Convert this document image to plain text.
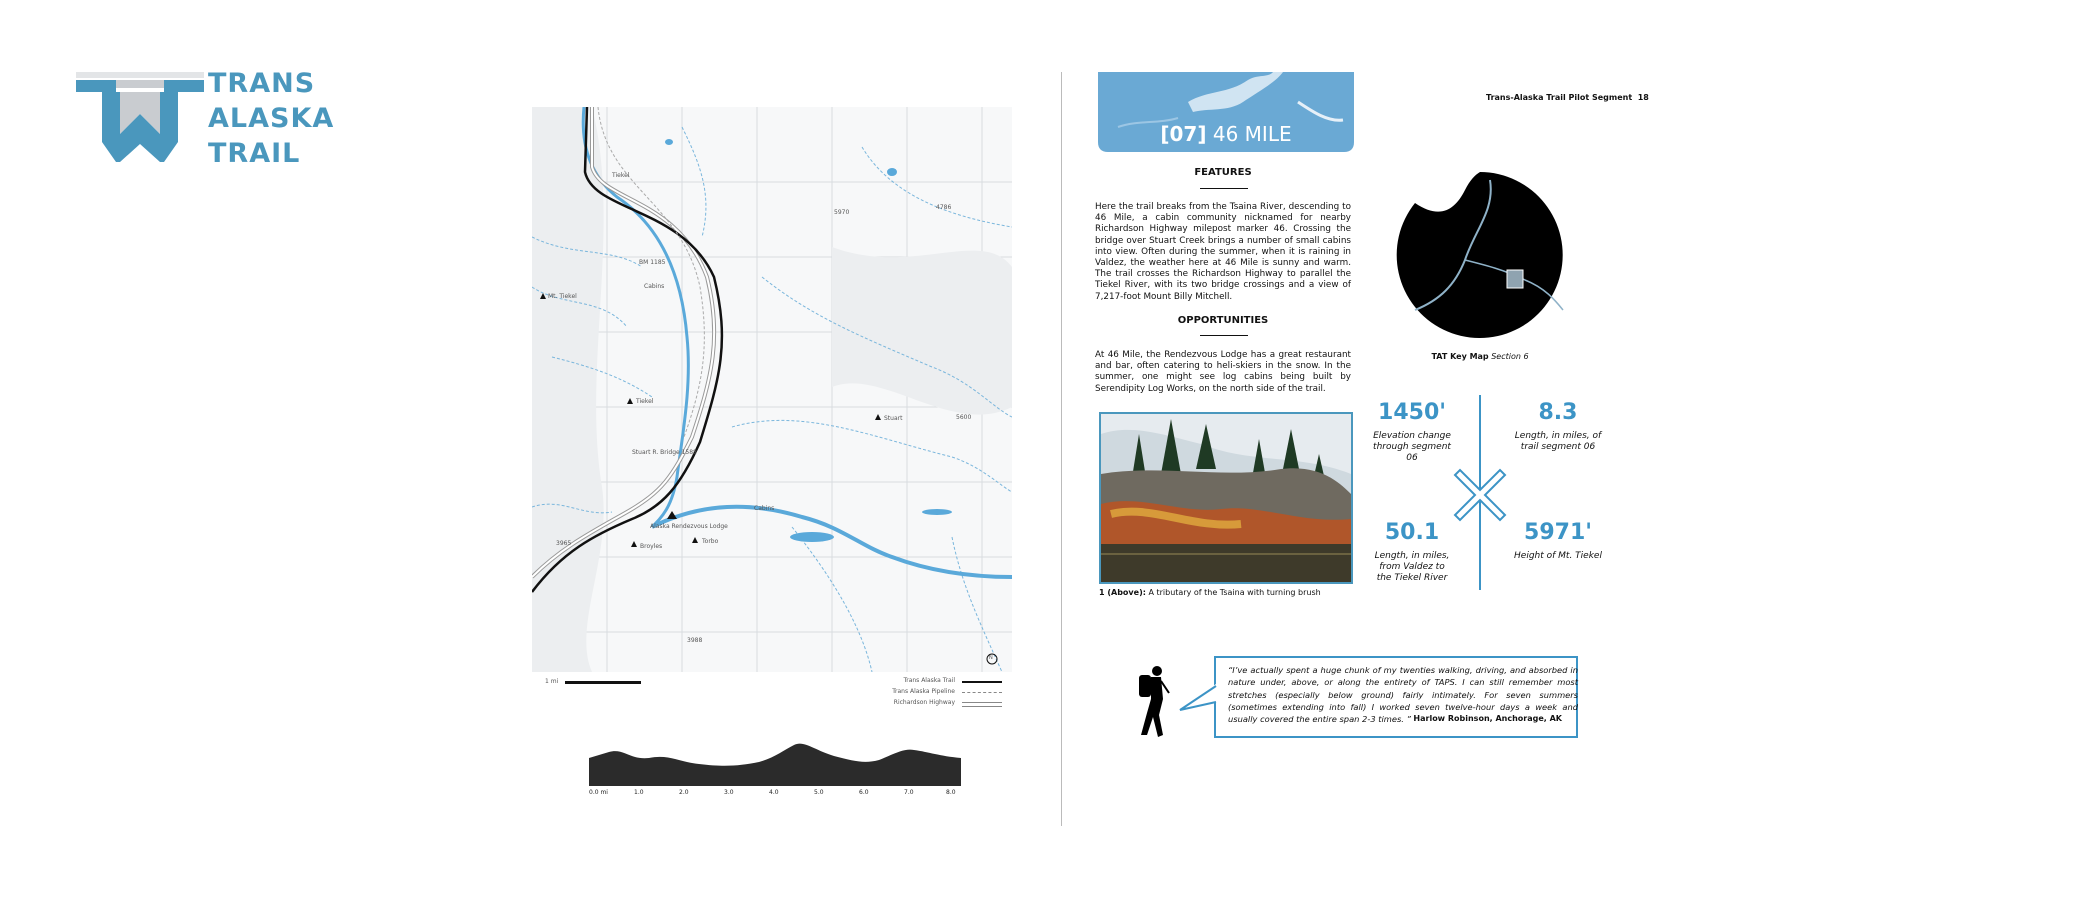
TRANS
ALASKA
TRAIL
Tiekel
Mt. Tiekel
BM 1185
Stuart R. Bridge 1588
Tiekel
Alaska Rendezvous Lodge
Broyles
Torbo
Cabins
Stuart
5970
4786
5600
3965
3988
Cabins
N
1 mi	Trans Alaska Trail
Trans Alaska Pipeline
Richardson Highway
0.0 mi	1.0	2.0	3.0	4.0	5.0	6.0	7.0	8.0
[07] 46 MILE
Trans-Alaska Trail Pilot Segment 18
FEATURES
Here the trail breaks from the Tsaina River, descending to 46 Mile, a cabin community nicknamed for nearby Richardson Highway milepost marker 46. Crossing the bridge over Stuart Creek brings a number of small cabins into view. Often during the summer, when it is raining in Valdez, the weather here at 46 Mile is sunny and warm. The trail crosses the Richardson Highway to parallel the Tiekel River, with its two bridge crossings and a view of 7,217-foot Mount Billy Mitchell.
OPPORTUNITIES
At 46 Mile, the Rendezvous Lodge has a great restaurant and bar, often catering to heli-skiers in the snow. In the summer, one might see log cabins being built by Serendipity Log Works, on the north side of the trail.
TAT Key Map Section 6
1 (Above): A tributary of the Tsaina with turning brush
1450'
Elevation change through segment 06
8.3
Length, in miles, of trail segment 06
50.1
Length, in miles, from Valdez to the Tiekel River
5971'
Height of Mt. Tiekel
“I’ve actually spent a huge chunk of my twenties walking, driving, and absorbed in nature under, above, or along the entirety of TAPS. I can still remember most stretches (especially below ground) fairly intimately. For seven summers (sometimes extending into fall) I worked seven twelve-hour days a week and usually covered the entire span 2-3 times. ” Harlow Robinson, Anchorage, AK
